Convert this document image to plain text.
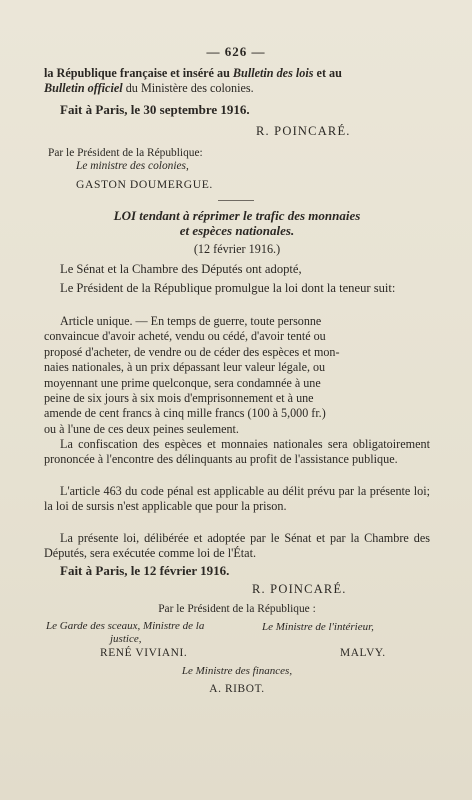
— 626 —
la République française et inséré au Bulletin des lois et au
Bulletin officiel du Ministère des colonies.
Fait à Paris, le 30 septembre 1916.
R. POINCARÉ.
Par le Président de la République:
Le ministre des colonies,
GASTON DOUMERGUE.
LOI tendant à réprimer le trafic des monnaies
et espèces nationales.
(12 février 1916.)
Le Sénat et la Chambre des Députés ont adopté,
Le Président de la République promulgue la loi dont la teneur suit:
Article unique. — En temps de guerre, toute personne
convaincue d'avoir acheté, vendu ou cédé, d'avoir tenté ou
proposé d'acheter, de vendre ou de céder des espèces et mon-
naies nationales, à un prix dépassant leur valeur légale, ou
moyennant une prime quelconque, sera condamnée à une
peine de six jours à six mois d'emprisonnement et à une
amende de cent francs à cinq mille francs (100 à 5,000 fr.)
ou à l'une de ces deux peines seulement.
La confiscation des espèces et monnaies nationales sera obligatoirement prononcée à l'encontre des délinquants au profit de l'assistance publique.
L'article 463 du code pénal est applicable au délit prévu par la présente loi; la loi de sursis n'est applicable que pour la prison.
La présente loi, délibérée et adoptée par le Sénat et par la Chambre des Députés, sera exécutée comme loi de l'État.
Fait à Paris, le 12 février 1916.
R. POINCARÉ.
Par le Président de la République :
Le Garde des sceaux, Ministre de la
justice,
Le Ministre de l'intérieur,
RENÉ VIVIANI.	MALVY.
Le Ministre des finances,
A. RIBOT.
